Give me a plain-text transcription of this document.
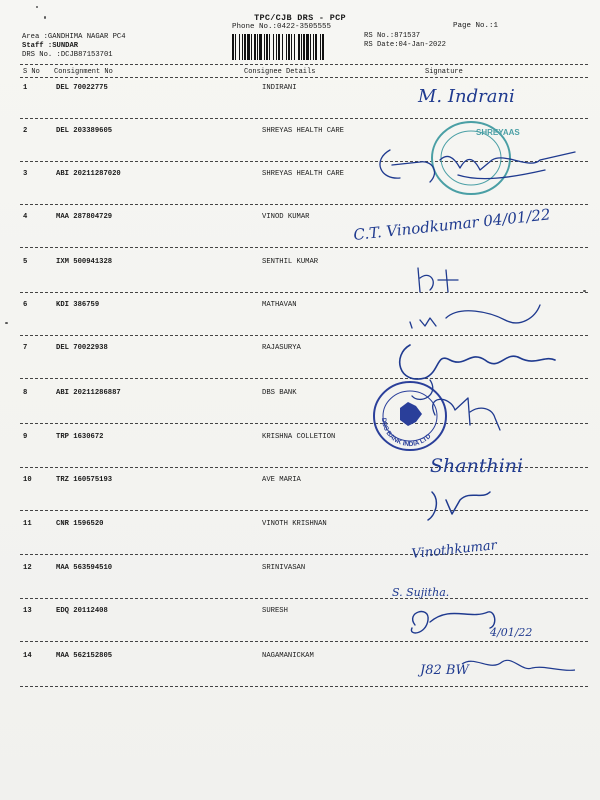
TPC/CJB DRS - PCP
Phone No.:0422-3505555	Page No.:1
Area :GANDHIMA NAGAR PC4
Staff :SUNDAR
DRS No. :DCJB87153701
RS No.:871537
RS Date:04-Jan-2022
S No Consignment No	Consignee Details	Signature
1	DEL 70022775	INDIRANI
2	DEL 203389605	SHREYAS HEALTH CARE
3	ABI 20211287020	SHREYAS HEALTH CARE
4	MAA 287804729	VINOD KUMAR
5	IXM 500941328	SENTHIL KUMAR
6	KDI 386759	MATHAVAN
7	DEL 70022938	RAJASURYA
8	ABI 20211286887	DBS BANK
9	TRP 1630672	KRISHNA COLLETION
10	TRZ 160575193	AVE MARIA
11	CNR 1596520	VINOTH KRISHNAN
12	MAA 563594510	SRINIVASAN
13	EDQ 20112408	SURESH
14	MAA 562152805	NAGAMANICKAM
SHREYAAS
DBS BANK INDIA LTD
M. Indrani
C.T. Vinodkumar 04/01/22
Shanthini
Vinothkumar
S. Sujitha.
4/01/22
J82 BW
